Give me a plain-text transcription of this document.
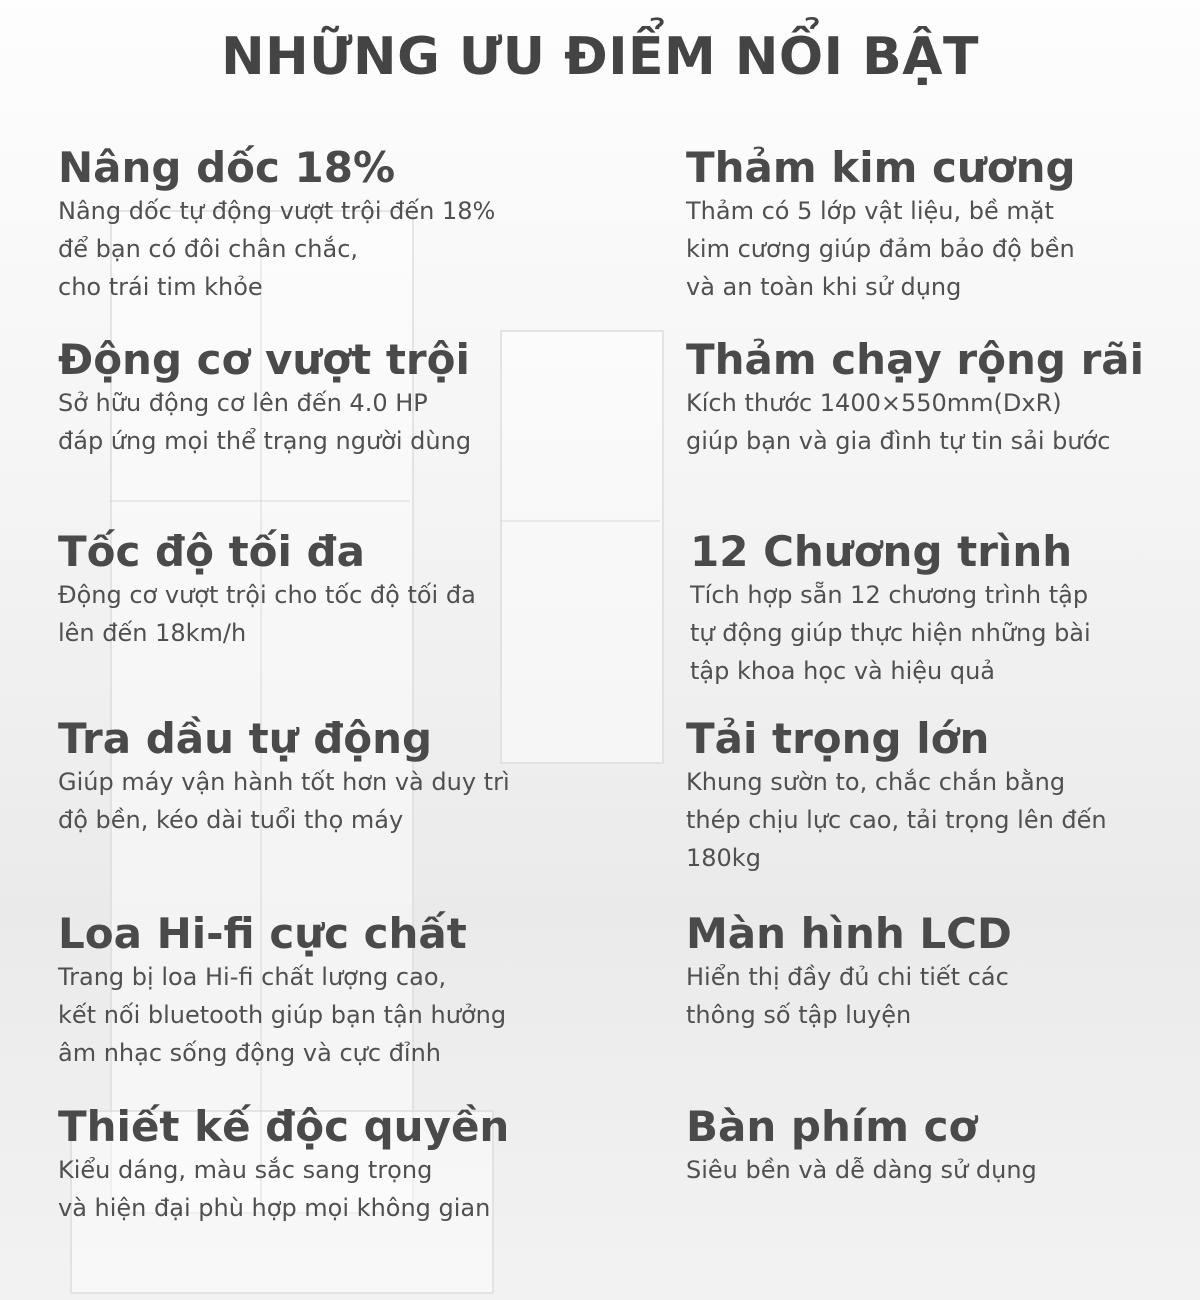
NHỮNG ƯU ĐIỂM NỔI BẬT
Nâng dốc 18%
Nâng dốc tự động vượt trội đến 18%
để bạn có đôi chân chắc,
cho trái tim khỏe
Động cơ vượt trội
Sở hữu động cơ lên đến 4.0 HP
đáp ứng mọi thể trạng người dùng
Tốc độ tối đa
Động cơ vượt trội cho tốc độ tối đa
lên đến 18km/h
Tra dầu tự động
Giúp máy vận hành tốt hơn và duy trì
độ bền, kéo dài tuổi thọ máy
Loa Hi-fi cực chất
Trang bị loa Hi-fi chất lượng cao,
kết nối bluetooth giúp bạn tận hưởng
âm nhạc sống động và cực đỉnh
Thiết kế độc quyền
Kiểu dáng, màu sắc sang trọng
và hiện đại phù hợp mọi không gian
Thảm kim cương
Thảm có 5 lớp vật liệu, bề mặt
kim cương giúp đảm bảo độ bền
và an toàn khi sử dụng
Thảm chạy rộng rãi
Kích thước 1400×550mm(DxR)
giúp bạn và gia đình tự tin sải bước
12 Chương trình
Tích hợp sẵn 12 chương trình tập
tự động giúp thực hiện những bài
tập khoa học và hiệu quả
Tải trọng lớn
Khung sườn to, chắc chắn bằng
thép chịu lực cao, tải trọng lên đến
180kg
Màn hình LCD
Hiển thị đầy đủ chi tiết các
thông số tập luyện
Bàn phím cơ
Siêu bền và dễ dàng sử dụng
